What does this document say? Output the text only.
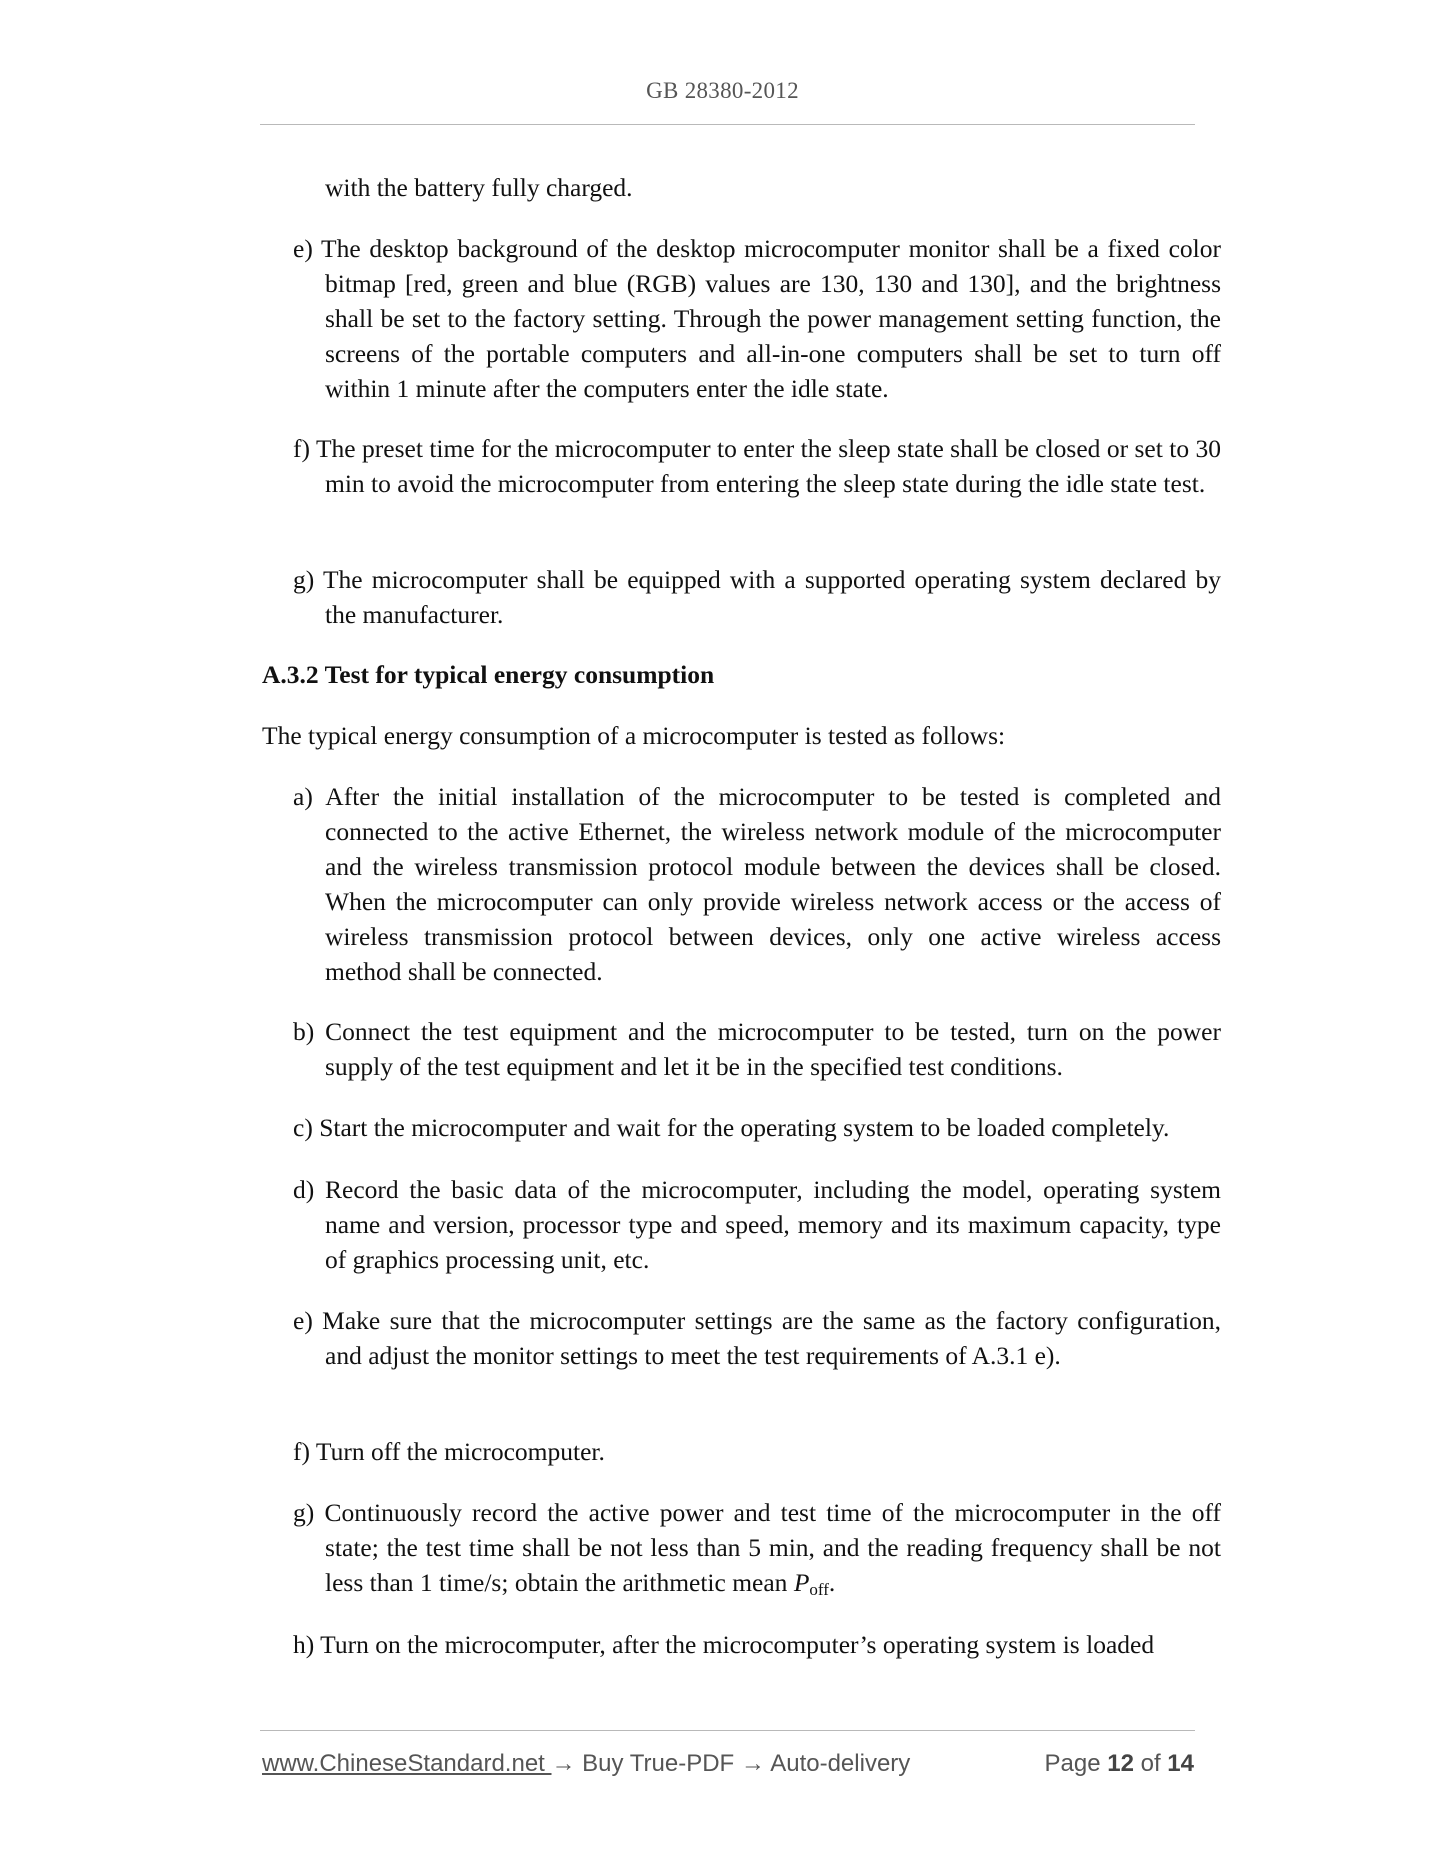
GB 28380-2012

with the battery fully charged.

e) The desktop background of the desktop microcomputer monitor shall be a fixed color bitmap [red, green and blue (RGB) values are 130, 130 and 130], and the brightness shall be set to the factory setting. Through the power management setting function, the screens of the portable computers and all-in-one computers shall be set to turn off within 1 minute after the computers enter the idle state.

f) The preset time for the microcomputer to enter the sleep state shall be closed or set to 30 min to avoid the microcomputer from entering the sleep state during the idle state test.

g) The microcomputer shall be equipped with a supported operating system declared by the manufacturer.

A.3.2 Test for typical energy consumption

The typical energy consumption of a microcomputer is tested as follows:

a) After the initial installation of the microcomputer to be tested is completed and connected to the active Ethernet, the wireless network module of the microcomputer and the wireless transmission protocol module between the devices shall be closed. When the microcomputer can only provide wireless network access or the access of wireless transmission protocol between devices, only one active wireless access method shall be connected.

b) Connect the test equipment and the microcomputer to be tested, turn on the power supply of the test equipment and let it be in the specified test conditions.

c) Start the microcomputer and wait for the operating system to be loaded completely.

d) Record the basic data of the microcomputer, including the model, operating system name and version, processor type and speed, memory and its maximum capacity, type of graphics processing unit, etc.

e) Make sure that the microcomputer settings are the same as the factory configuration, and adjust the monitor settings to meet the test requirements of A.3.1 e).

f) Turn off the microcomputer.

g) Continuously record the active power and test time of the microcomputer in the off state; the test time shall be not less than 5 min, and the reading frequency shall be not less than 1 time/s; obtain the arithmetic mean $P_{off}$.

h) Turn on the microcomputer, after the microcomputer’s operating system is loaded

www.ChineseStandard.net → Buy True-PDF → Auto-delivery	Page 12 of 14
